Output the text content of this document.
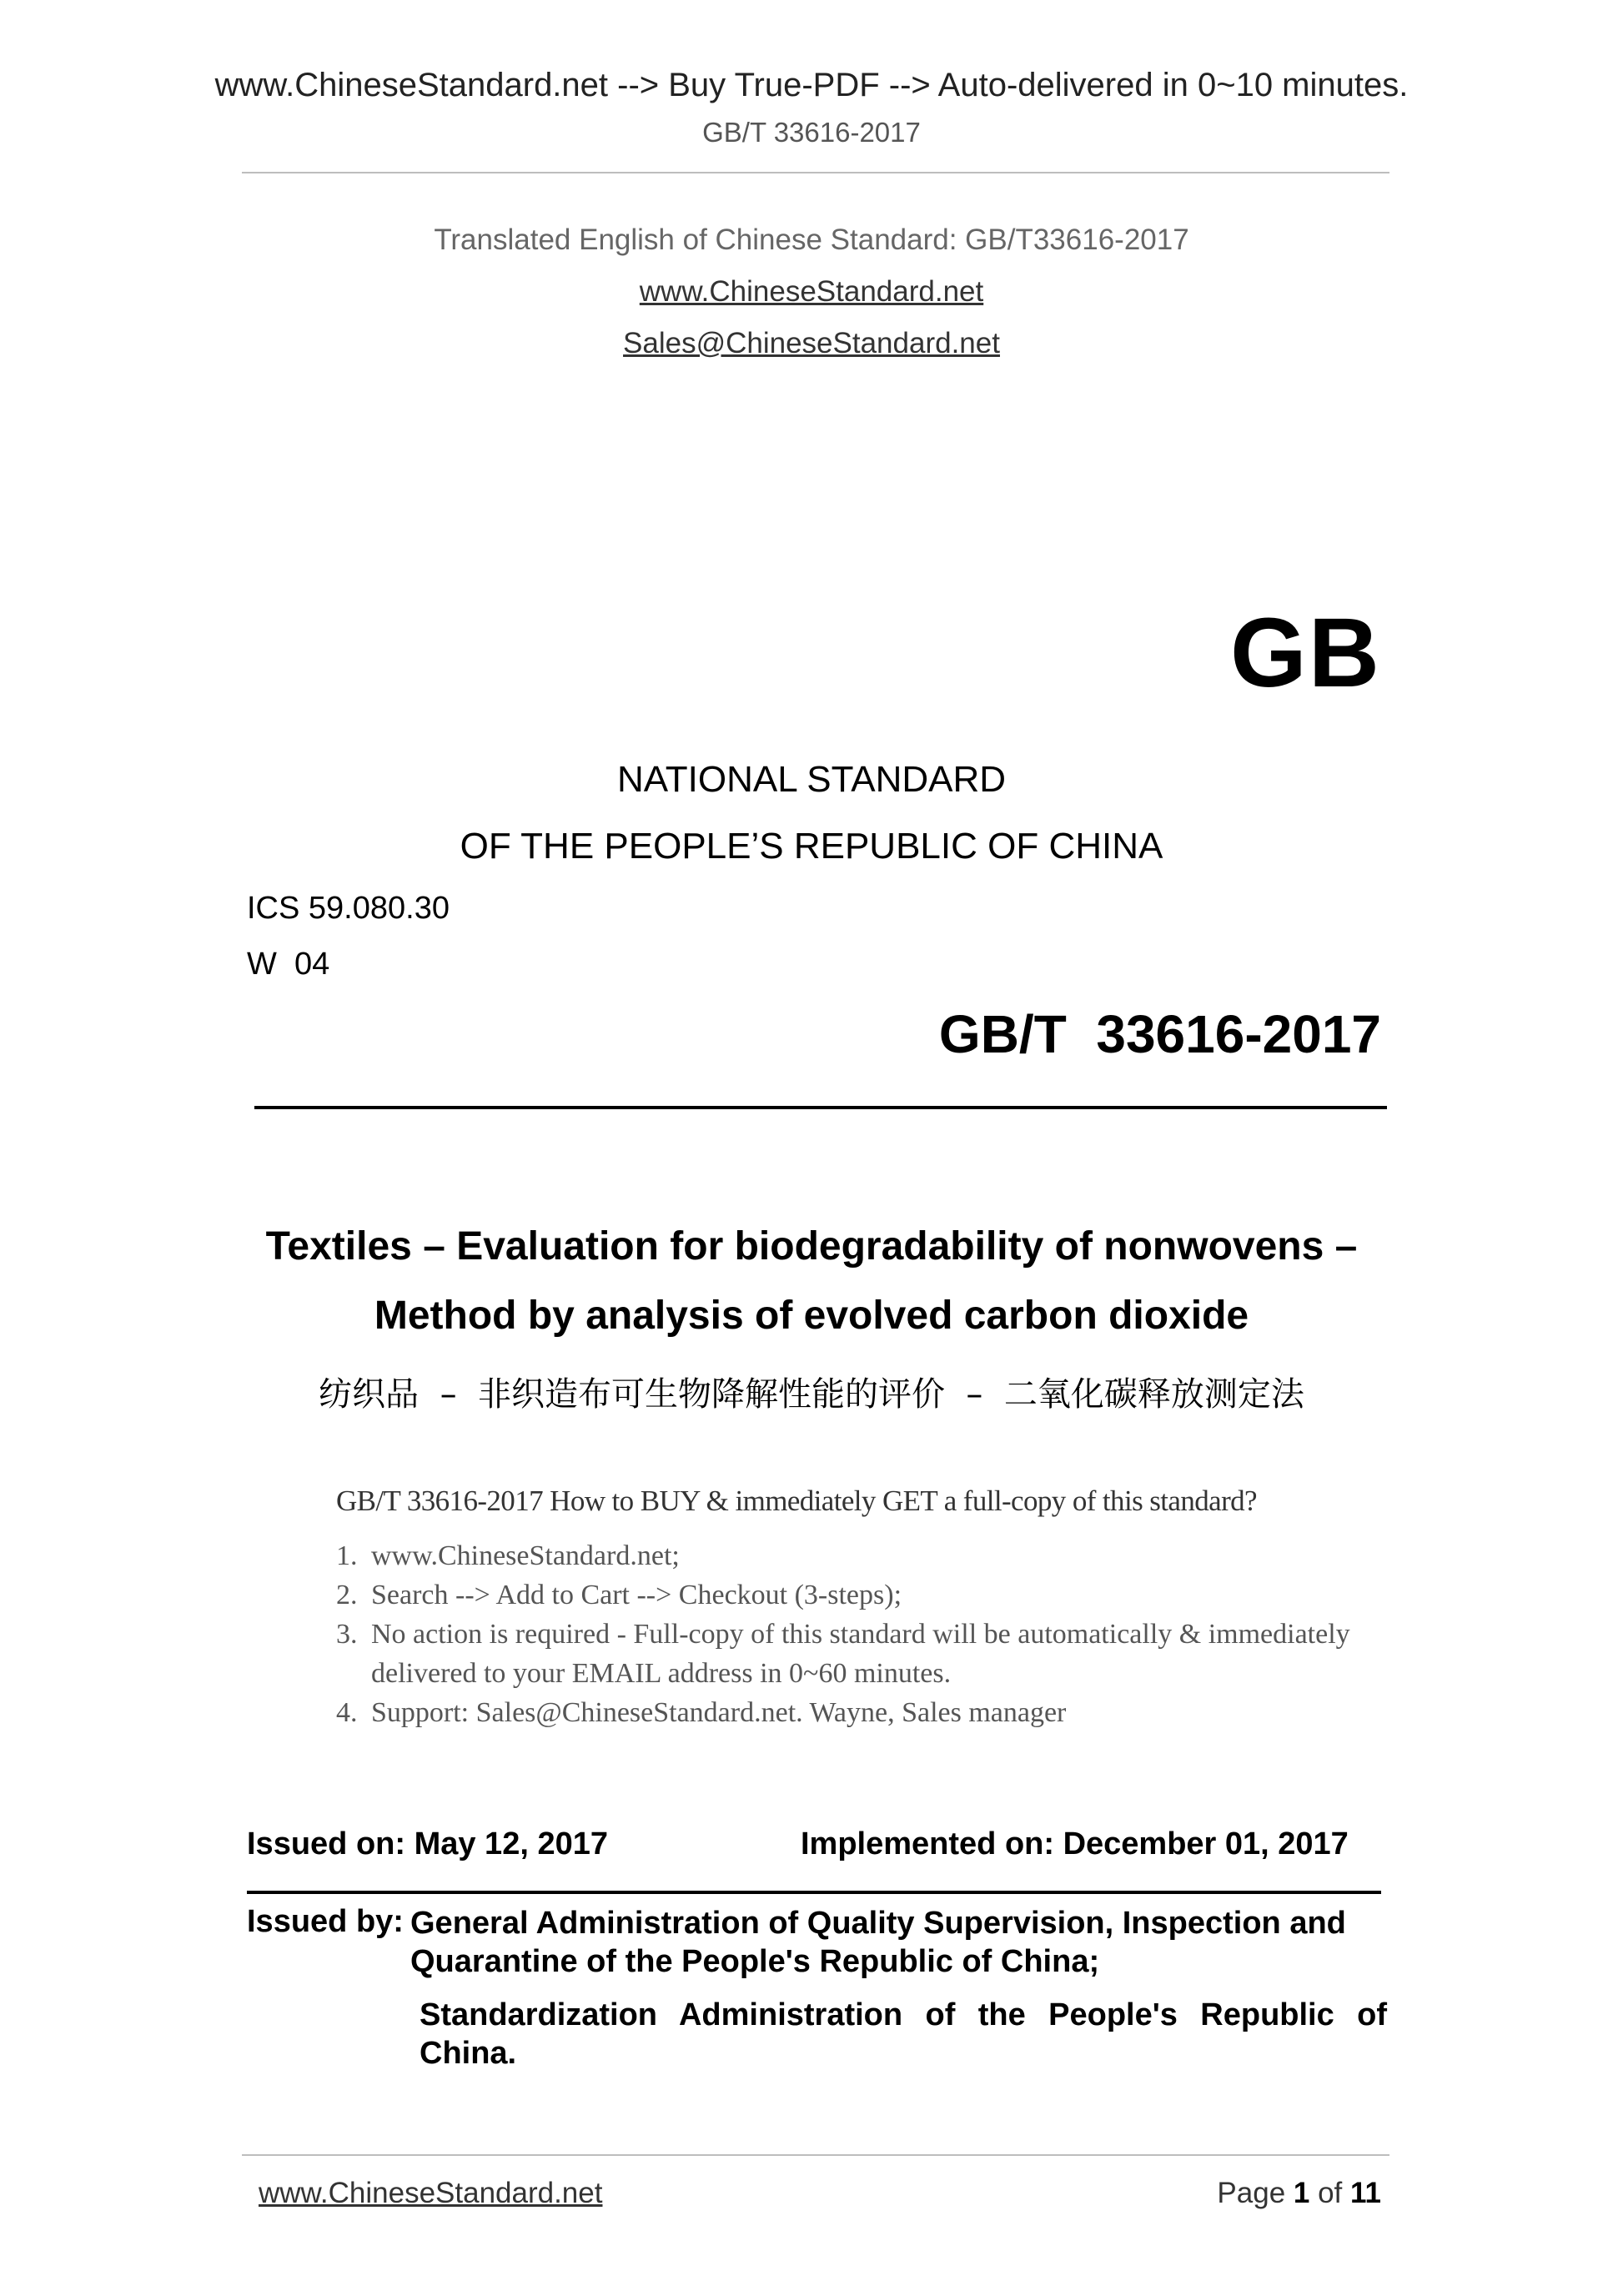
www.ChineseStandard.net --> Buy True-PDF --> Auto-delivered in 0~10 minutes.
GB/T 33616-2017
Translated English of Chinese Standard: GB/T33616-2017
www.ChineseStandard.net
Sales@ChineseStandard.net
GB
NATIONAL STANDARD
OF THE PEOPLE’S REPUBLIC OF CHINA
ICS 59.080.30
W  04
GB/T  33616-2017
Textiles – Evaluation for biodegradability of nonwovens –
Method by analysis of evolved carbon dioxide
纺织品  –  非织造布可生物降解性能的评价  –  二氧化碳释放测定法
GB/T 33616-2017 How to BUY & immediately GET a full-copy of this standard?
1. www.ChineseStandard.net;
2. Search --> Add to Cart --> Checkout (3-steps);
3. No action is required - Full-copy of this standard will be automatically & immediately delivered to your EMAIL address in 0~60 minutes.
4. Support: Sales@ChineseStandard.net. Wayne, Sales manager
Issued on: May 12, 2017	Implemented on: December 01, 2017
Issued by: General Administration of Quality Supervision, Inspection and Quarantine of the People's Republic of China;
Standardization Administration of the People's Republic of China.
www.ChineseStandard.net	Page 1 of 11
